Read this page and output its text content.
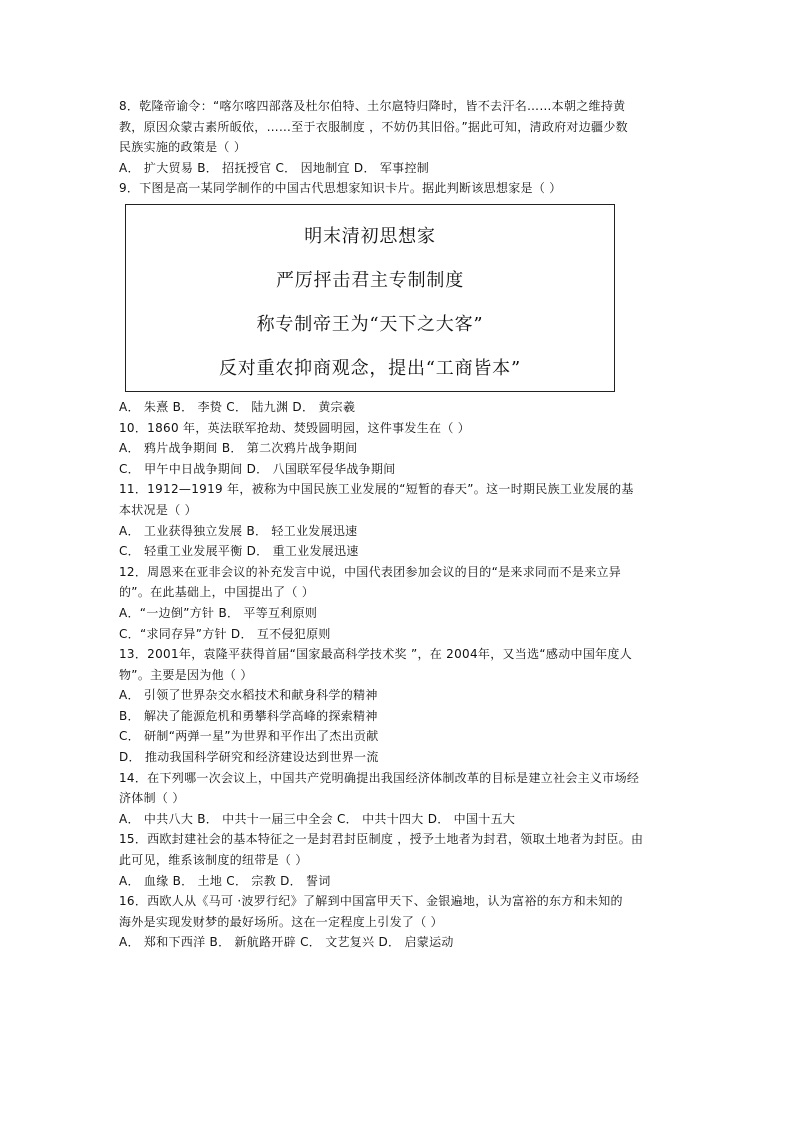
8．乾隆帝谕令：“喀尔喀四部落及杜尔伯特、土尔扈特归降时，皆不去汗名……本朝之维持黄
教，原因众蒙古素所皈依，……至于衣服制度 ，不妨仍其旧俗。”据此可知，清政府对边疆少数
民族实施的政策是（ ）
A． 扩大贸易 B． 招抚授官 C． 因地制宜 D． 军事控制
9．下图是高一某同学制作的中国古代思想家知识卡片。据此判断该思想家是（ ）
明末清初思想家
严厉抨击君主专制制度
称专制帝王为“天下之大客”
反对重农抑商观念，提出“工商皆本”
A． 朱熹 B． 李贽 C． 陆九渊 D． 黄宗羲
10．1860 年，英法联军抢劫、焚毁圆明园，这件事发生在（ ）
A． 鸦片战争期间 B． 第二次鸦片战争期间
C． 甲午中日战争期间 D． 八国联军侵华战争期间
11．1912—1919 年，被称为中国民族工业发展的“短暂的春天”。这一时期民族工业发展的基
本状况是（ ）
A． 工业获得独立发展 B． 轻工业发展迅速
C． 轻重工业发展平衡 D． 重工业发展迅速
12．周恩来在亚非会议的补充发言中说，中国代表团参加会议的目的“是来求同而不是来立异
的”。在此基础上，中国提出了（ ）
A．“一边倒”方针 B． 平等互利原则
C．“求同存异”方针 D． 互不侵犯原则
13．2001年，袁隆平获得首届“国家最高科学技术奖 ”，在 2004年，又当选“感动中国年度人
物”。主要是因为他（ ）
A． 引领了世界杂交水稻技术和献身科学的精神
B． 解决了能源危机和勇攀科学高峰的探索精神
C． 研制“两弹一星”为世界和平作出了杰出贡献
D． 推动我国科学研究和经济建设达到世界一流
14．在下列哪一次会议上，中国共产党明确提出我国经济体制改革的目标是建立社会主义市场经
济体制（ ）
A． 中共八大 B． 中共十一届三中全会 C． 中共十四大 D． 中国十五大
15．西欧封建社会的基本特征之一是封君封臣制度 ，授予土地者为封君，领取土地者为封臣。由
此可见，维系该制度的纽带是（ ）
A． 血缘 B． 土地 C． 宗教 D． 誓词
16．西欧人从《马可 ·波罗行纪》了解到中国富甲天下、金银遍地，认为富裕的东方和未知的
海外是实现发财梦的最好场所。这在一定程度上引发了（ ）
A． 郑和下西洋 B． 新航路开辟 C． 文艺复兴 D． 启蒙运动
